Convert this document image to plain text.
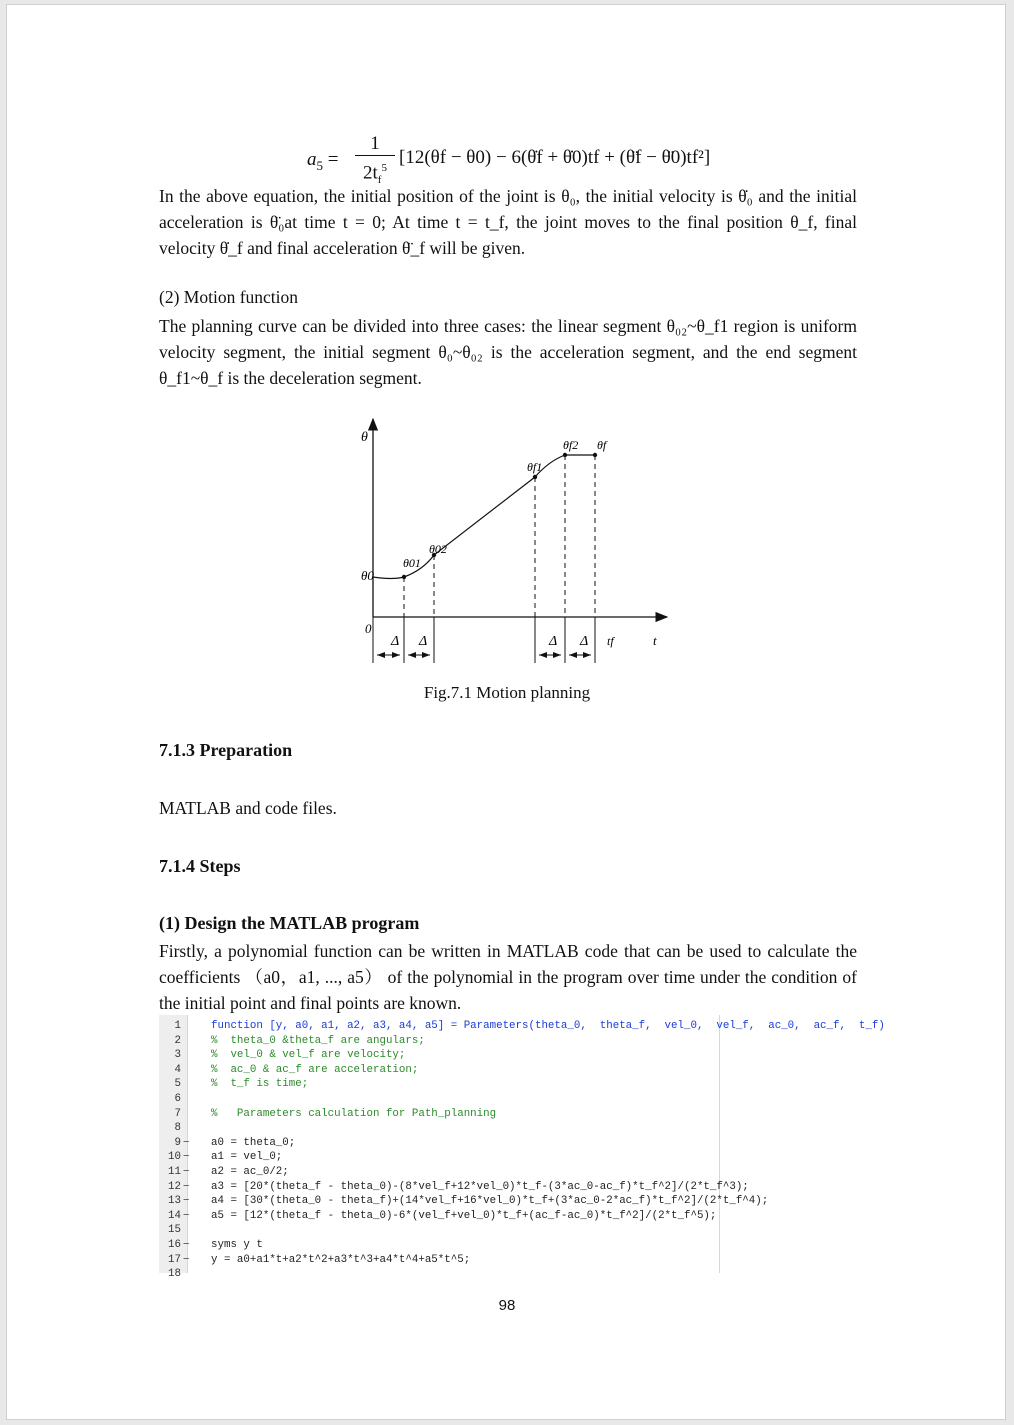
$a_5$ =
1
$2t_f^5$ [12(θf − θ0) − 6(θ̇f + θ̇0)tf + (θ̈f − θ̈0)tf²]
In the above equation, the initial position of the joint is θ₀, the initial velocity is θ̇₀ and the initial acceleration is θ̈₀at time t = 0; At time t = t_f, the joint moves to the final position θ_f, final velocity θ̇_f and final acceleration θ̈_f will be given.
(2) Motion function
The planning curve can be divided into three cases: the linear segment θ₀₂~θ_f1 region is uniform velocity segment, the initial segment θ₀~θ₀₂ is the acceleration segment, and the end segment θ_f1~θ_f is the deceleration segment.
θ
θ0
θ01
θ02
θf1
θf2 θf
0
Δ Δ	Δ Δ tf	t
Fig.7.1 Motion planning
7.1.3 Preparation
MATLAB and code files.
7.1.4 Steps
(1) Design the MATLAB program
Firstly, a polynomial function can be written in MATLAB code that can be used to calculate the coefficients （a0，a1, ..., a5） of the polynomial in the program over time under the condition of the initial point and final points are known.
1	function [y, a0, a1, a2, a3, a4, a5] = Parameters(theta_0,  theta_f,  vel_0,  vel_f,  ac_0,  ac_f,  t_f)
2	%  theta_0 &theta_f are angulars;
3	%  vel_0 & vel_f are velocity;
4	%  ac_0 & ac_f are acceleration;
5	%  t_f is time;
6
7	%   Parameters calculation for Path_planning
8
9 − a0 = theta_0;
10 − a1 = vel_0;
11 − a2 = ac_0/2;
12 − a3 = [20*(theta_f - theta_0)-(8*vel_f+12*vel_0)*t_f-(3*ac_0-ac_f)*t_f^2]/(2*t_f^3);
13 − a4 = [30*(theta_0 - theta_f)+(14*vel_f+16*vel_0)*t_f+(3*ac_0-2*ac_f)*t_f^2]/(2*t_f^4);
14 − a5 = [12*(theta_f - theta_0)-6*(vel_f+vel_0)*t_f+(ac_f-ac_0)*t_f^2]/(2*t_f^5);
15
16 − syms y t
17 − y = a0+a1*t+a2*t^2+a3*t^3+a4*t^4+a5*t^5;
18
98
